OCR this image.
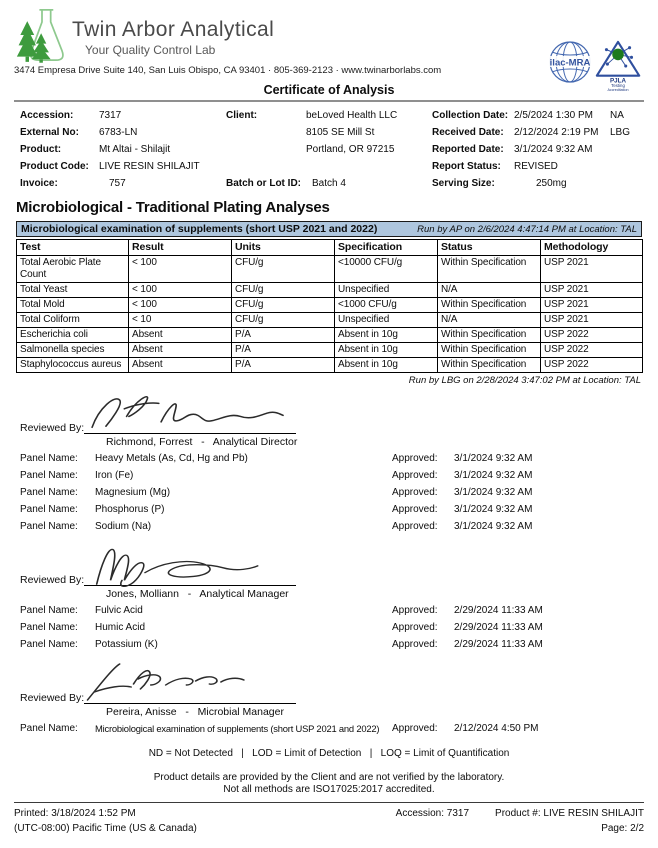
Twin Arbor Analytical
Your Quality Control Lab
ilac-MRA
PJLA
Testing
Accreditation
3474 Empresa Drive Suite 140, San Luis Obispo, CA 93401 · 805-369-2123 · www.twinarborlabs.com
Certificate of Analysis
Accession:	7317	Client:	beLoved Health LLC	Collection Date: 2/5/2024 1:30 PM	NA
External No:	6783-LN	8105 SE Mill St	Received Date:	2/12/2024 2:19 PM	LBG
Product:	Mt Altai - Shilajit	Portland, OR 97215	Reported Date:	3/1/2024 9:32 AM
Product Code:	LIVE RESIN SHILAJIT	Report Status:	REVISED
Invoice:	757	Batch or Lot ID:	Batch 4	Serving Size:	250mg
Microbiological - Traditional Plating Analyses
Microbiological examination of supplements (short USP 2021 and 2022)	Run by AP on 2/6/2024 4:47:14 PM at Location: TAL
Test	Result	Units	Specification	Status	Methodology
Total Aerobic Plate Count	< 100	CFU/g	<10000 CFU/g	Within Specification	USP 2021
Total Yeast	< 100	CFU/g	Unspecified	N/A	USP 2021
Total Mold	< 100	CFU/g	<1000 CFU/g	Within Specification	USP 2021
Total Coliform	< 10	CFU/g	Unspecified	N/A	USP 2021
Escherichia coli	Absent	P/A	Absent in 10g	Within Specification	USP 2022
Salmonella species	Absent	P/A	Absent in 10g	Within Specification	USP 2022
Staphylococcus aureus	Absent	P/A	Absent in 10g	Within Specification	USP 2022
Run by LBG on 2/28/2024 3:47:02 PM at Location: TAL
Reviewed By:
Richmond, Forrest   -   Analytical Director
Panel Name:	Heavy Metals (As, Cd, Hg and Pb)	Approved:	3/1/2024 9:32 AM
Panel Name:	Iron (Fe)	Approved:	3/1/2024 9:32 AM
Panel Name:	Magnesium (Mg)	Approved:	3/1/2024 9:32 AM
Panel Name:	Phosphorus (P)	Approved:	3/1/2024 9:32 AM
Panel Name:	Sodium (Na)	Approved:	3/1/2024 9:32 AM
Reviewed By:
Jones, Molliann   -   Analytical Manager
Panel Name:	Fulvic Acid	Approved:	2/29/2024 11:33 AM
Panel Name:	Humic Acid	Approved:	2/29/2024 11:33 AM
Panel Name:	Potassium (K)	Approved:	2/29/2024 11:33 AM
Reviewed By:
Pereira, Anisse   -   Microbial Manager
Panel Name:	Microbiological examination of supplements (short USP 2021 and 2022)	Approved:	2/12/2024 4:50 PM
ND = Not Detected   |   LOD = Limit of Detection   |   LOQ = Limit of Quantification
Product details are provided by the Client and are not verified by the laboratory.
Not all methods are ISO17025:2017 accredited.
Printed: 3/18/2024 1:52 PM
(UTC-08:00) Pacific Time (US & Canada)
Accession: 7317	Product #: LIVE RESIN SHILAJIT
Page: 2/2
